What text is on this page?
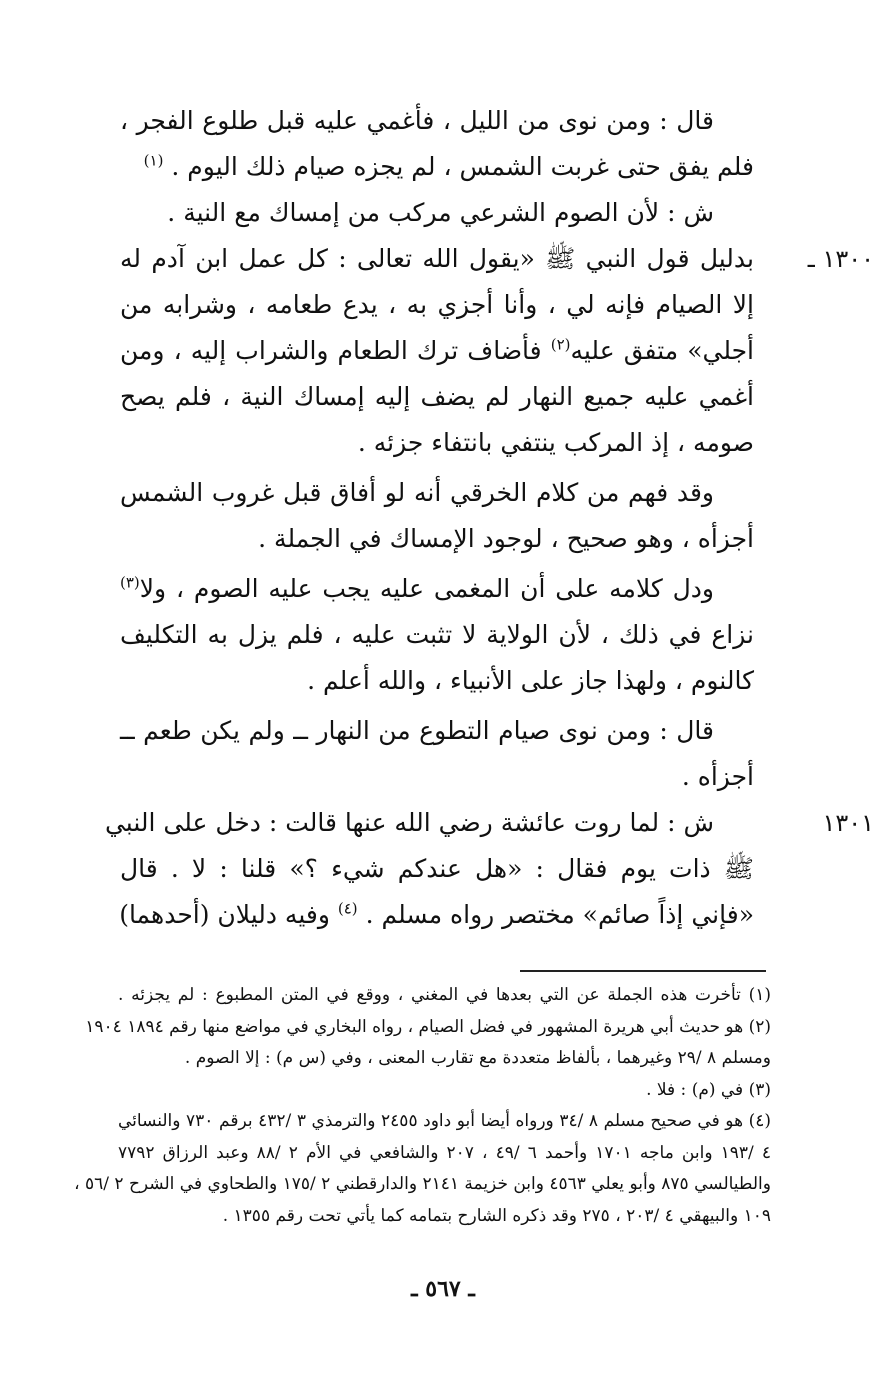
قال : ومن نوى من الليل ، فأغمي عليه قبل طلوع الفجر ،
فلم يفق حتى غربت الشمس ، لم يجزه صيام ذلك اليوم . $^{(١)}$
ش : لأن الصوم الشرعي مركب من إمساك مع النية .
١٣٠٠ ـ
بدليل قول النبي ﷺ «يقول الله تعالى : كل عمل ابن آدم له
إلا الصيام فإنه لي ، وأنا أجزي به ، يدع طعامه ، وشرابه من
أجلي» متفق عليه$^{(٢)}$ فأضاف ترك الطعام والشراب إليه ، ومن
أغمي عليه جميع النهار لم يضف إليه إمساك النية ، فلم يصح
صومه ، إذ المركب ينتفي بانتفاء جزئه .
وقد فهم من كلام الخرقي أنه لو أفاق قبل غروب الشمس
أجزأه ، وهو صحيح ، لوجود الإمساك في الجملة .
ودل كلامه على أن المغمى عليه يجب عليه الصوم ، ولا$^{(٣)}$
نزاع في ذلك ، لأن الولاية لا تثبت عليه ، فلم يزل به التكليف
كالنوم ، ولهذا جاز على الأنبياء ، والله أعلم .
قال : ومن نوى صيام التطوع من النهار ــ ولم يكن طعم ــ
أجزأه .
١٣٠١
ش : لما روت عائشة رضي الله عنها قالت : دخل على النبي
ﷺ ذات يوم فقال : «هل عندكم شيء ؟» قلنا : لا . قال
«فإني إذاً صائم» مختصر رواه مسلم . $^{(٤)}$ وفيه دليلان (أحدهما)
(١) تأخرت هذه الجملة عن التي بعدها في المغني ، ووقع في المتن المطبوع : لم يجزئه .
(٢) هو حديث أبي هريرة المشهور في فضل الصيام ، رواه البخاري في مواضع منها رقم ١٨٩٤ ١٩٠٤
ومسلم ٨ /٢٩ وغيرهما ، بألفاظ متعددة مع تقارب المعنى ، وفي (س م) : إلا الصوم .
(٣) في (م) : فلا .
(٤) هو في صحيح مسلم ٨ /٣٤ ورواه أيضا أبو داود ٢٤٥٥ والترمذي ٣ /٤٣٢ برقم ٧٣٠ والنسائي
٤ /١٩٣ وابن ماجه ١٧٠١ وأحمد ٦ /٤٩ ، ٢٠٧ والشافعي في الأم ٢ /٨٨ وعبد الرزاق ٧٧٩٢
والطيالسي ٨٧٥ وأبو يعلي ٤٥٦٣ وابن خزيمة ٢١٤١ والدارقطني ٢ /١٧٥ والطحاوي في الشرح ٢ /٥٦ ،
١٠٩ والبيهقي ٤ /٢٠٣ ، ٢٧٥ وقد ذكره الشارح بتمامه كما يأتي تحت رقم ١٣٥٥ .
ـ ٥٦٧ ـ
